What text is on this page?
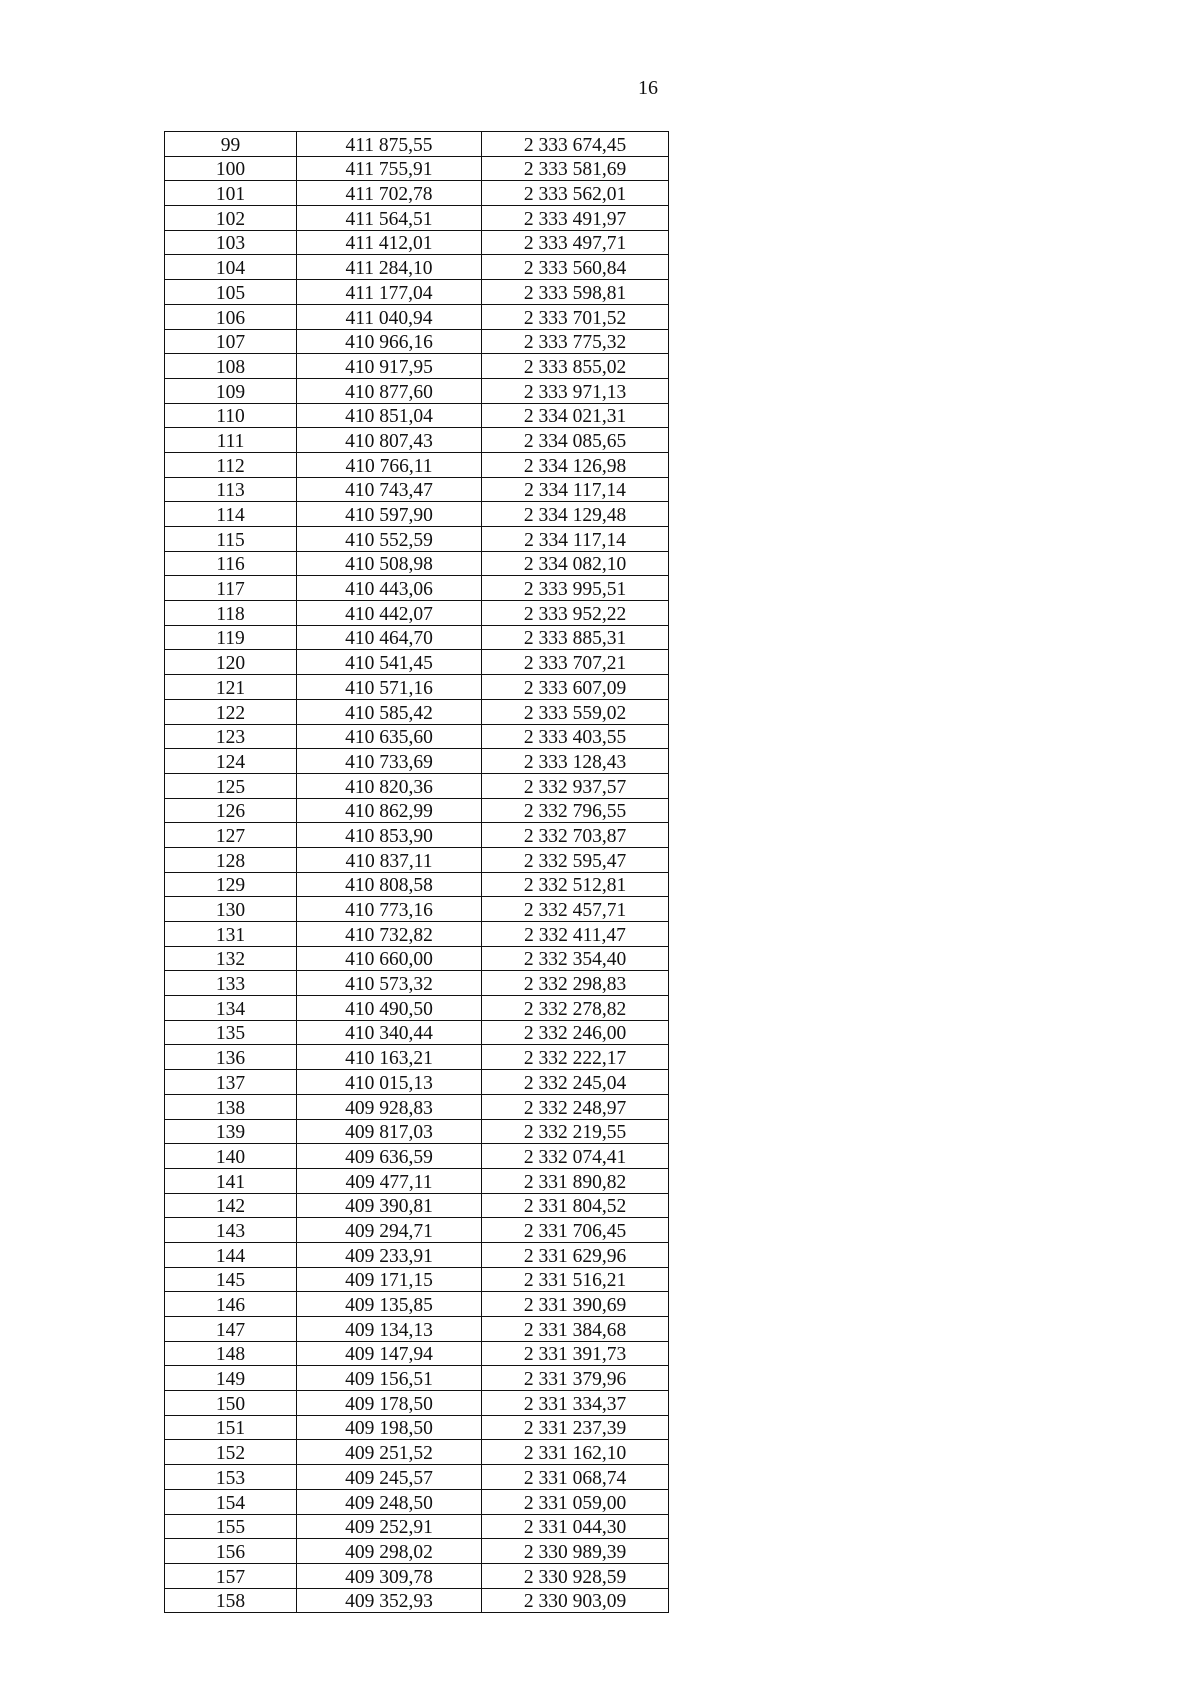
16
99	411 875,55	2 333 674,45
100	411 755,91	2 333 581,69
101	411 702,78	2 333 562,01
102	411 564,51	2 333 491,97
103	411 412,01	2 333 497,71
104	411 284,10	2 333 560,84
105	411 177,04	2 333 598,81
106	411 040,94	2 333 701,52
107	410 966,16	2 333 775,32
108	410 917,95	2 333 855,02
109	410 877,60	2 333 971,13
110	410 851,04	2 334 021,31
111	410 807,43	2 334 085,65
112	410 766,11	2 334 126,98
113	410 743,47	2 334 117,14
114	410 597,90	2 334 129,48
115	410 552,59	2 334 117,14
116	410 508,98	2 334 082,10
117	410 443,06	2 333 995,51
118	410 442,07	2 333 952,22
119	410 464,70	2 333 885,31
120	410 541,45	2 333 707,21
121	410 571,16	2 333 607,09
122	410 585,42	2 333 559,02
123	410 635,60	2 333 403,55
124	410 733,69	2 333 128,43
125	410 820,36	2 332 937,57
126	410 862,99	2 332 796,55
127	410 853,90	2 332 703,87
128	410 837,11	2 332 595,47
129	410 808,58	2 332 512,81
130	410 773,16	2 332 457,71
131	410 732,82	2 332 411,47
132	410 660,00	2 332 354,40
133	410 573,32	2 332 298,83
134	410 490,50	2 332 278,82
135	410 340,44	2 332 246,00
136	410 163,21	2 332 222,17
137	410 015,13	2 332 245,04
138	409 928,83	2 332 248,97
139	409 817,03	2 332 219,55
140	409 636,59	2 332 074,41
141	409 477,11	2 331 890,82
142	409 390,81	2 331 804,52
143	409 294,71	2 331 706,45
144	409 233,91	2 331 629,96
145	409 171,15	2 331 516,21
146	409 135,85	2 331 390,69
147	409 134,13	2 331 384,68
148	409 147,94	2 331 391,73
149	409 156,51	2 331 379,96
150	409 178,50	2 331 334,37
151	409 198,50	2 331 237,39
152	409 251,52	2 331 162,10
153	409 245,57	2 331 068,74
154	409 248,50	2 331 059,00
155	409 252,91	2 331 044,30
156	409 298,02	2 330 989,39
157	409 309,78	2 330 928,59
158	409 352,93	2 330 903,09
